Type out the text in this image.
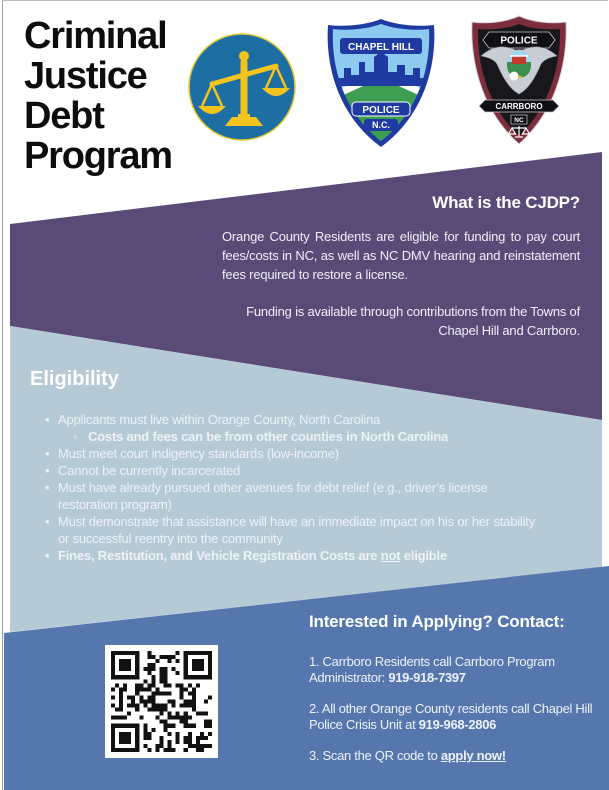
Criminal
Justice
Debt
Program
CHAPEL HILL
POLICE
N.C.
POLICE
CARRBORO
NC
What is the CJDP?

Orange County Residents are eligible for funding to pay court fees/costs in NC, as well as NC DMV hearing and reinstatement fees required to restore a license.

Funding is available through contributions from the Towns of Chapel Hill and Carrboro.

Eligibility
• Applicants must live within Orange County, North Carolina
◦ Costs and fees can be from other counties in North Carolina
• Must meet court indigency standards (low-income)
• Cannot be currently incarcerated
• Must have already pursued other avenues for debt relief (e.g., driver’s license restoration program)
• Must demonstrate that assistance will have an immediate impact on his or her stability or successful reentry into the community
• Fines, Restitution, and Vehicle Registration Costs are not eligible
Interested in Applying? Contact:
1. Carrboro Residents call Carrboro Program Administrator: 919-918-7397
2. All other Orange County residents call Chapel Hill Police Crisis Unit at 919-968-2806
3. Scan the QR code to apply now!
